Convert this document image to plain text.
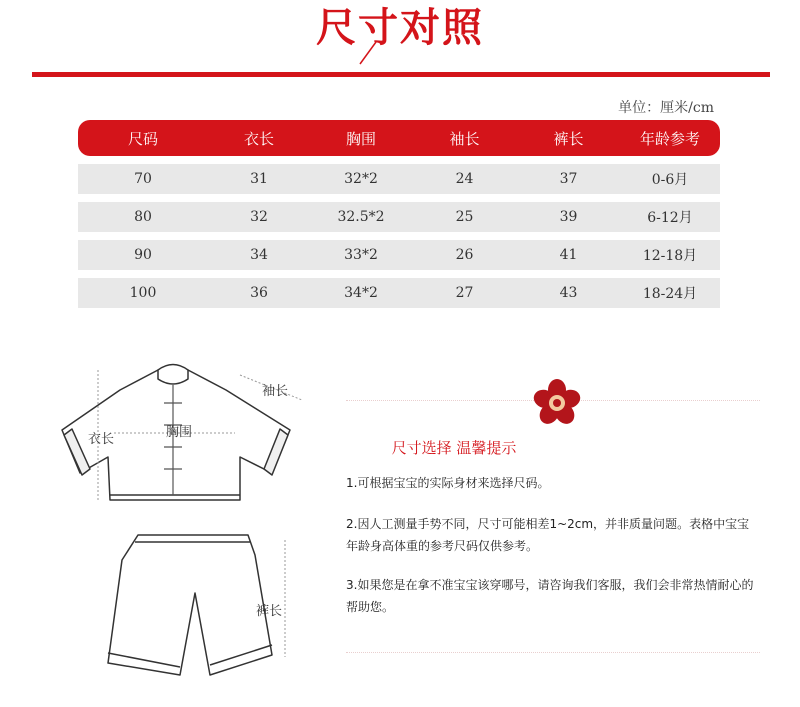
尺寸对照
单位：厘米/cm
尺码	衣长	胸围	袖长	裤长	年龄参考
70	31	32*2	24	37	0-6月
80	32	32.5*2	25	39	6-12月
90	34	33*2	26	41	12-18月
100	36	34*2	27	43	18-24月
袖长
衣长	胸围
裤长
尺寸选择 温馨提示
1.可根据宝宝的实际身材来选择尺码。
2.因人工测量手势不同，尺寸可能相差1~2cm，并非质量问题。表格中宝宝年龄身高体重的参考尺码仅供参考。
3.如果您是在拿不准宝宝该穿哪号，请咨询我们客服，我们会非常热情耐心的帮助您。
